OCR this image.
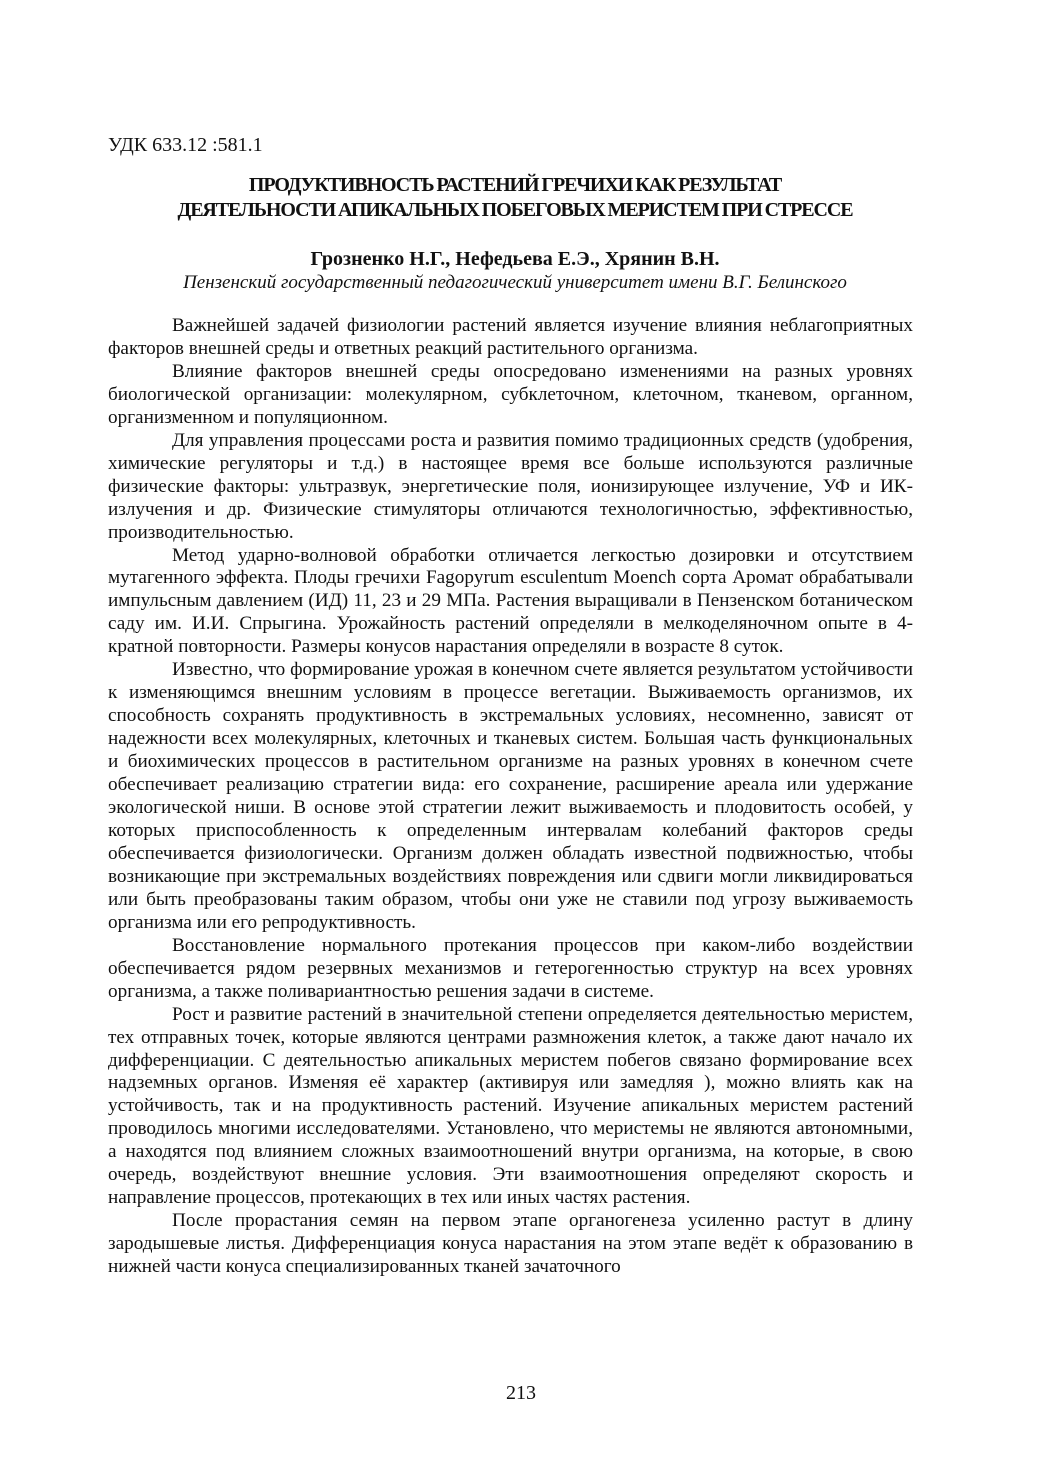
УДК 633.12 :581.1
ПРОДУКТИВНОСТЬ РАСТЕНИЙ ГРЕЧИХИ КАК РЕЗУЛЬТАТ
ДЕЯТЕЛЬНОСТИ АПИКАЛЬНЫХ ПОБЕГОВЫХ МЕРИСТЕМ ПРИ СТРЕССЕ
Грозненко Н.Г., Нефедьева Е.Э., Хрянин В.Н.
Пензенский государственный педагогический университет имени В.Г. Белинского

Важнейшей задачей физиологии растений является изучение влияния неблагоприятных факторов внешней среды и ответных реакций растительного организма.

Влияние факторов внешней среды опосредовано изменениями на разных уровнях биологической организации: молекулярном, субклеточном, клеточном, тканевом, органном, организменном и популяционном.

Для управления процессами роста и развития помимо традиционных средств (удобрения, химические регуляторы и т.д.) в настоящее время все больше используются различные физические факторы: ультразвук, энергетические поля, ионизирующее излучение, УФ и ИК-излучения и др. Физические стимуляторы отличаются технологичностью, эффективностью, производительностью.

Метод ударно-волновой обработки отличается легкостью дозировки и отсутствием мутагенного эффекта. Плоды гречихи Fagopyrum esculentum Moench сорта Аромат обрабатывали импульсным давлением (ИД) 11, 23 и 29 МПа. Растения выращивали в Пензенском ботаническом саду им. И.И. Спрыгина. Урожайность растений определяли в мелкоделяночном опыте в 4-кратной повторности. Размеры конусов нарастания определяли в возрасте 8 суток.

Известно, что формирование урожая в конечном счете является результатом устойчивости к изменяющимся внешним условиям в процессе вегетации. Выживаемость организмов, их способность сохранять продуктивность в экстремальных условиях, несомненно, зависят от надежности всех молекулярных, клеточных и тканевых систем. Большая часть функциональных и биохимических процессов в растительном организме на разных уровнях в конечном счете обеспечивает реализацию стратегии вида: его сохранение, расширение ареала или удержание экологической ниши. В основе этой стратегии лежит выживаемость и плодовитость особей, у которых приспособленность к определенным интервалам колебаний факторов среды обеспечивается физиологически. Организм должен обладать известной подвижностью, чтобы возникающие при экстремальных воздействиях повреждения или сдвиги могли ликвидироваться или быть преобразованы таким образом, чтобы они уже не ставили под угрозу выживаемость организма или его репродуктивность.

Восстановление нормального протекания процессов при каком-либо воздействии обеспечивается рядом резервных механизмов и гетерогенностью структур на всех уровнях организма, а также поливариантностью решения задачи в системе.

Рост и развитие растений в значительной степени определяется деятельностью меристем, тех отправных точек, которые являются центрами размножения клеток, а также дают начало их дифференциации. С деятельностью апикальных меристем побегов связано формирование всех надземных органов. Изменяя её характер (активируя или замедляя ), можно влиять как на устойчивость, так и на продуктивность растений. Изучение апикальных меристем растений проводилось многими исследователями. Установлено, что меристемы не являются автономными, а находятся под влиянием сложных взаимоотношений внутри организма, на которые, в свою очередь, воздействуют внешние условия. Эти взаимоотношения определяют скорость и направление процессов, протекающих в тех или иных частях растения.

После прорастания семян на первом этапе органогенеза усиленно растут в длину зародышевые листья. Дифференциация конуса нарастания на этом этапе ведёт к образованию в нижней части конуса специализированных тканей зачаточного

213
